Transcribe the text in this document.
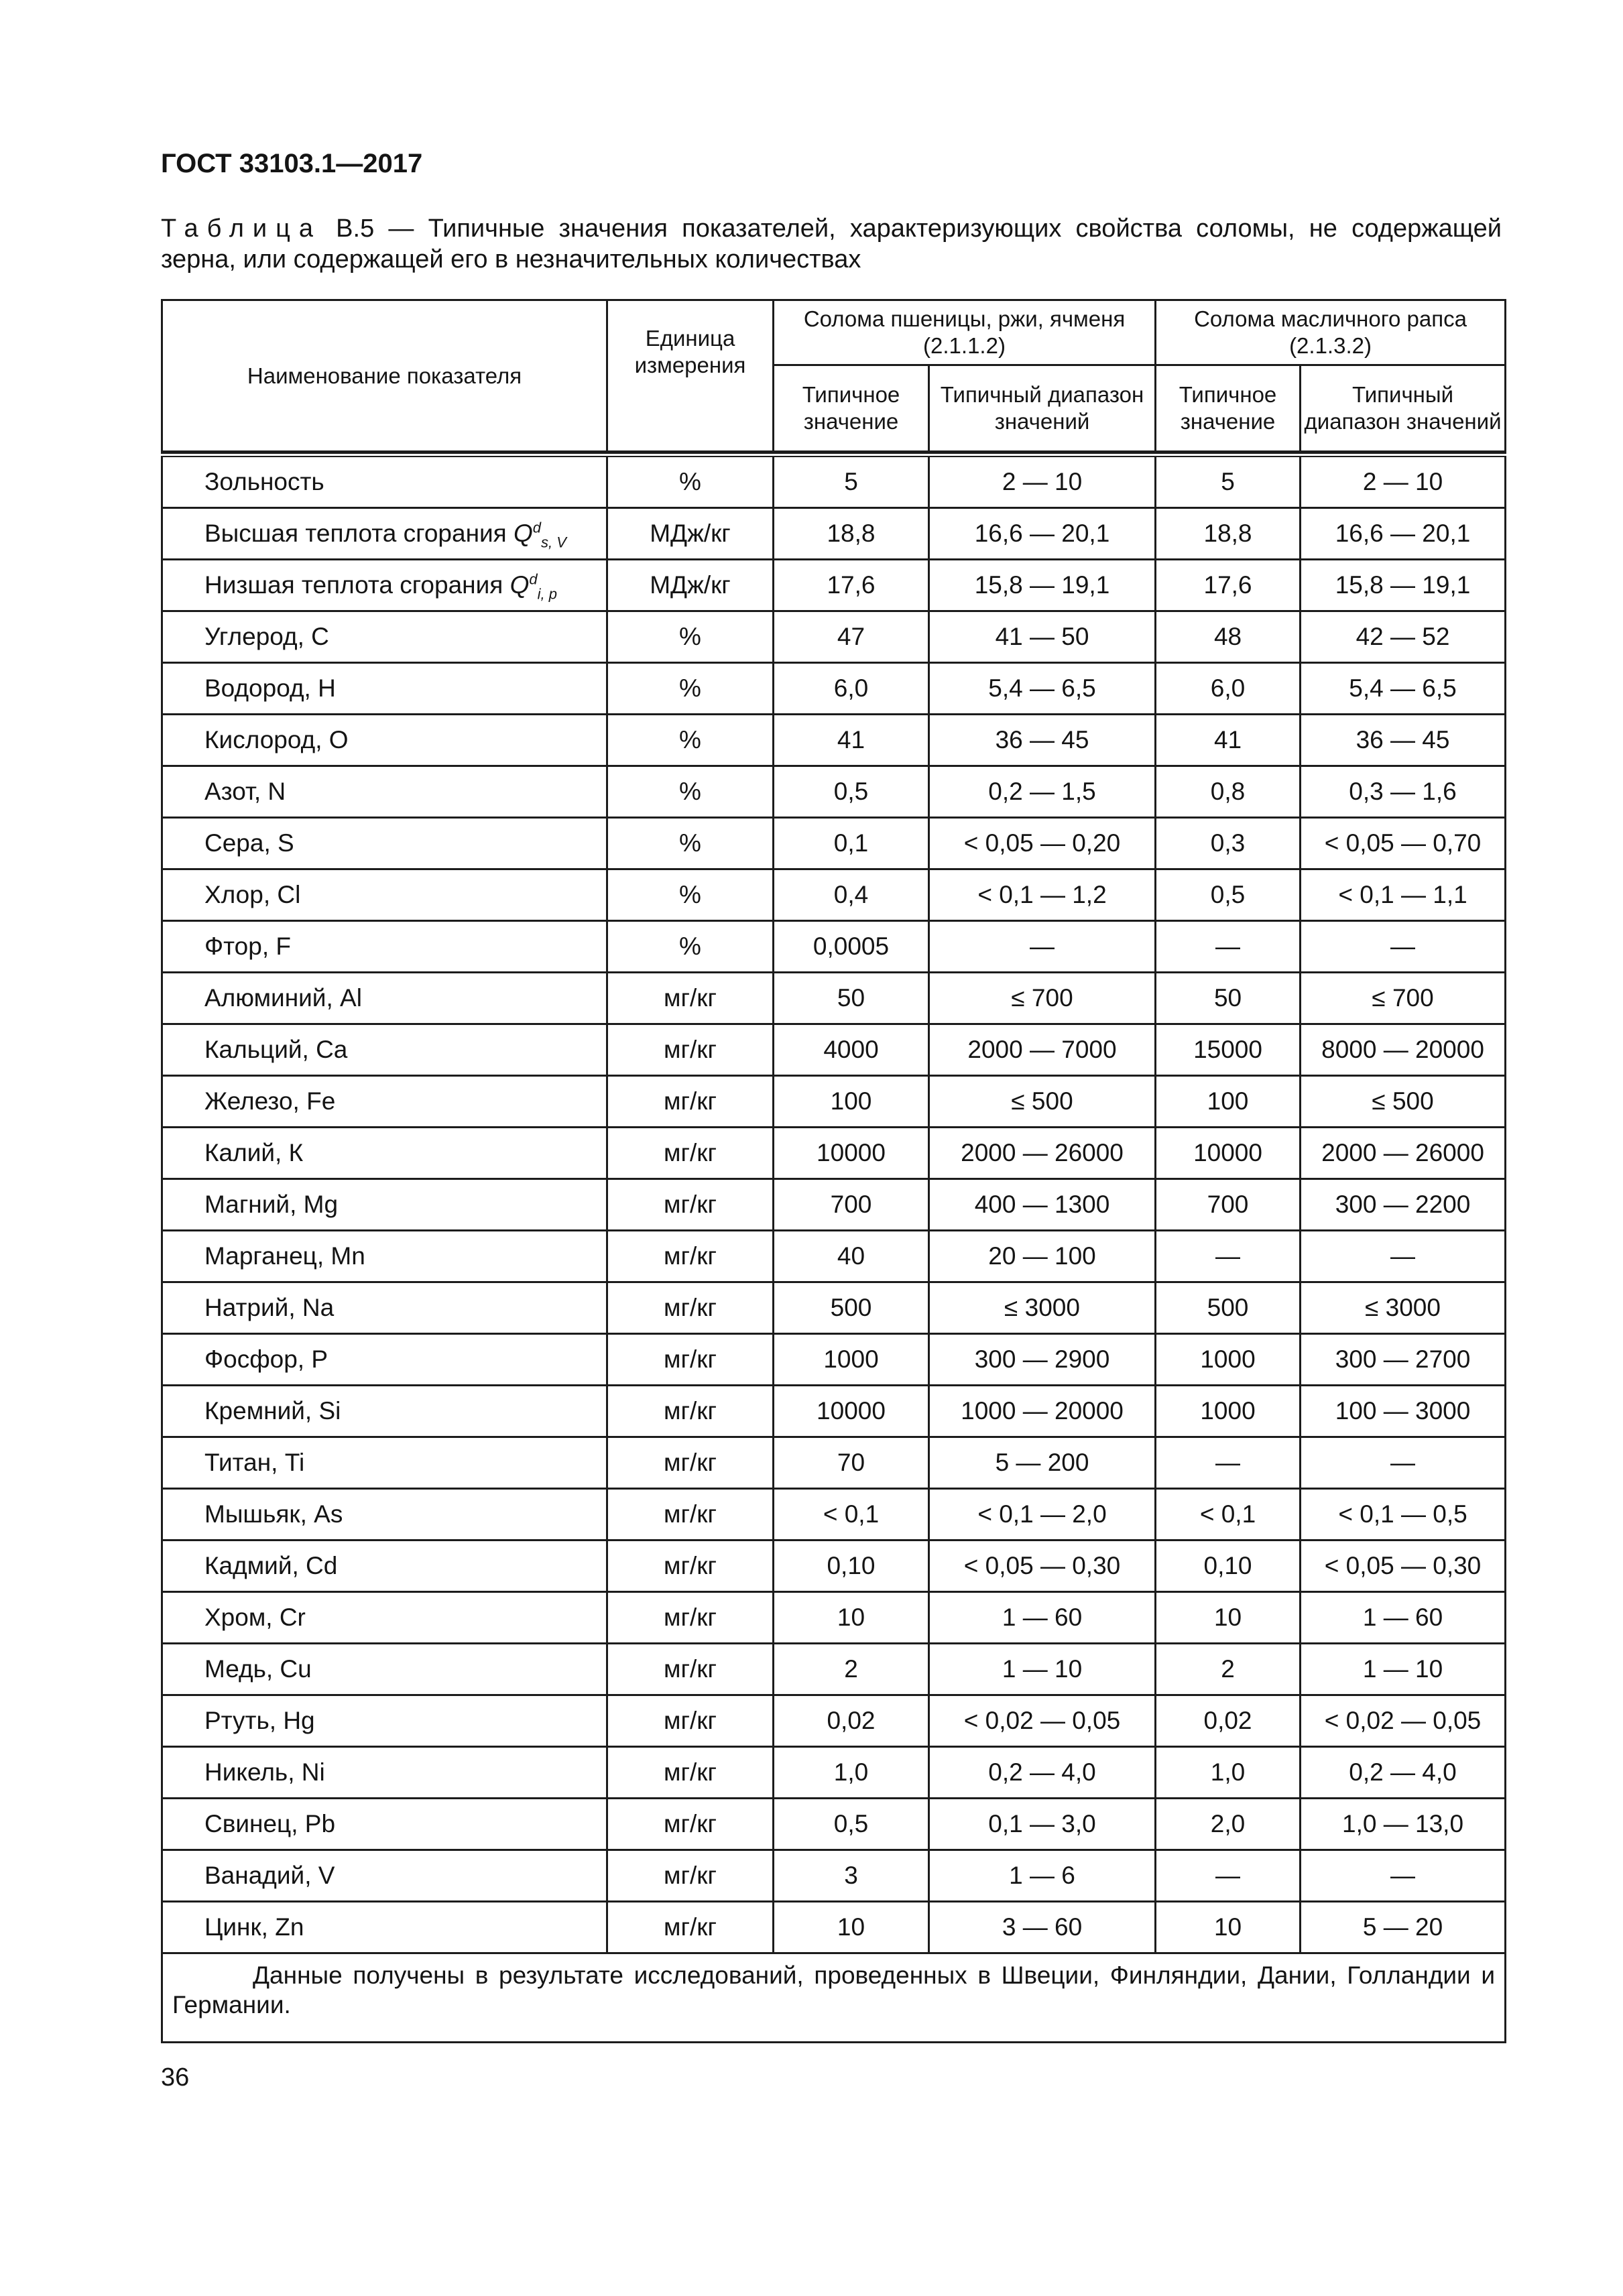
ГОСТ 33103.1—2017
Таблица В.5 — Типичные значения показателей, характеризующих свойства соломы, не содержащей зерна, или содержащей его в незначительных количествах
Наименование показателя	Единица измерения	Солома пшеницы, ржи, ячменя (2.1.1.2)		Солома масличного рапса (2.1.3.2)	
		Типичное значение	Типичный диапазон значений	Типичное значение	Типичный диапазон значений

Зольность	%	5	2 — 10	5	2 — 10
Высшая теплота сгорания $Q^d_{s, V}$	МДж/кг	18,8	16,6 — 20,1	18,8	16,6 — 20,1
Низшая теплота сгорания $Q^d_{i, p}$	МДж/кг	17,6	15,8 — 19,1	17,6	15,8 — 19,1
Углерод, С	%	47	41 — 50	48	42 — 52
Водород, Н	%	6,0	5,4 — 6,5	6,0	5,4 — 6,5
Кислород, О	%	41	36 — 45	41	36 — 45
Азот, N	%	0,5	0,2 — 1,5	0,8	0,3 — 1,6
Сера, S	%	0,1	< 0,05 — 0,20	0,3	< 0,05 — 0,70
Хлор, Cl	%	0,4	< 0,1 — 1,2	0,5	< 0,1 — 1,1
Фтор, F	%	0,0005	—	—	—
Алюминий, Al	мг/кг	50	≤ 700	50	≤ 700
Кальций, Ca	мг/кг	4000	2000 — 7000	15000	8000 — 20000
Железо, Fe	мг/кг	100	≤ 500	100	≤ 500
Калий, К	мг/кг	10000	2000 — 26000	10000	2000 — 26000
Магний, Mg	мг/кг	700	400 — 1300	700	300 — 2200
Марганец, Mn	мг/кг	40	20 — 100	—	—
Натрий, Na	мг/кг	500	≤ 3000	500	≤ 3000
Фосфор, Р	мг/кг	1000	300 — 2900	1000	300 — 2700
Кремний, Si	мг/кг	10000	1000 — 20000	1000	100 — 3000
Титан, Ti	мг/кг	70	5 — 200	—	—
Мышьяк, As	мг/кг	< 0,1	< 0,1 — 2,0	< 0,1	< 0,1 — 0,5
Кадмий, Cd	мг/кг	0,10	< 0,05 — 0,30	0,10	< 0,05 — 0,30
Хром, Cr	мг/кг	10	1 — 60	10	1 — 60
Медь, Cu	мг/кг	2	1 — 10	2	1 — 10
Ртуть, Hg	мг/кг	0,02	< 0,02 — 0,05	0,02	< 0,02 — 0,05
Никель, Ni	мг/кг	1,0	0,2 — 4,0	1,0	0,2 — 4,0
Свинец, Pb	мг/кг	0,5	0,1 — 3,0	2,0	1,0 — 13,0
Ванадий, V	мг/кг	3	1 — 6	—	—
Цинк, Zn	мг/кг	10	3 — 60	10	5 — 20

Данные получены в результате исследований, проведенных в Швеции, Финляндии, Дании, Голландии и Германии.					
36
